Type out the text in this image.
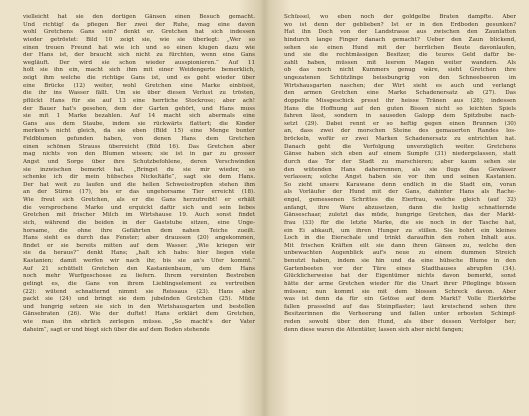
vielleicht hat sie den dortigen Gänsen einen Besuch gemacht.
Und richtig! da pfiegen Ber zwei der Ruhe, mag eine davon
wohl Gretchens Gans sein? denkt er. Gretchen hat sich indessen
wieder getröstet: Bild 10 zeigt sie, wie sie überlegt: „Wer so
einen treuen Freund hat wie ich und so einen klugen dazu wie
der Hans ist, der braucht sich nicht zu fürchten, wenn eine Gans
wegläuft. Der wird sie schon wieder ausspionieren.“ Auf 11
holt sie ihn ein, macht sich ihm mit einer Weidengerte bemerklich,
zeigt ihm welche die richtige Gans ist, und es geht wieder über
eine Brücke (12) weiter, wohl Gretchen eine Marke einbüsst,
die ihr ins Wasser fällt. Um sie über diesen Verlust zu trösten,
pflückt Hans für sie auf 13 eine herrliche Stockrose; aber ach!
der Bauer hat's gesehen, dem der Garten gehört, und Hans muss
sie mit 1 Marke bezahlen. Auf 14 macht sich abermals eine
Gans aus dem Staube, indem sie rückwärts flattert; die Kinder
merken's nicht gleich, da sie eben (Bild 15) eine Menge bunter
Feldblumen gefunden haben, von denen Hans dem Gretchen
einen schönen Strauss überreicht (Bild 16). Das Gretchen aber
mag nichts von den Blumen wissen; sie ist in gar zu grosser
Angst und Sorge über ihre Schutzbefohlene, deren Verschwinden
sie inzwischen bemerkt hat. „Bringst du sie mir wieder, so
schenke ich dir mein hübsches Nickeltäfle“, sagt sie dem Hans.
Der hat weit zu laufen und die hellen Schweisstropfen stehen ihm
an der Stirne (17), bis er das ungehorsame Tier erreicht (18).
Wie freut sich Gretchen, als er die Gans herzutreibt! er erhält
die versprochene Marke und erquickt dafür sich und sein liebes
Gretchen mit frischer Milch im Wirtshause 19. Auch sonst findet
sich, während die beiden in der Gaststube sitzen, eine Unge-
horsame, die ohne ihre Gefährten dem nahen Teiche zueilt.
Hans sieht es durch das Fenster; aber draussen (20) angekommen,
findet er sie bereits mitten auf dem Wasser. „Wie kriegen wir
sie da heraus?“ denkt Hans; „halt ich habs: hier liegen viele
Kastanien; damit werfen wir nach ihr, bis sie an's Ufer kommt.“
Auf 21 schüttelt Gretchen den Kastanienbaum, um dem Hans
noch mehr Wurfgeschosse zu liefern. Ihrem vereinten Bestreben
gelingt es, die Gans von ihrem Lieblingselement zu vertreiben
(22): wütend schnatternd nimmt sie Reissaus (23). Hans aber
packt sie (24) und bringt sie dem jubelnden Gretchen (25). Müde
und hungrig setzen sie sich in den Wirtshausgarten und bestellen
Gänsebraten (26). Wie der duftet! Hans erklärt dem Gretchen,
wie man ihn ehrlich zerlegen müsse. „So macht's der Vater
daheim“, sagt er und biegt sich über die auf dem Boden stehende
Schüssel, wo eben noch der goldgelbe Braten dampfte. Aber
wo ist denn der geblieben? Ist er in den Erdboden gesunken?
Hat ihn Doch von der Landstrasse aus zwischen den Zaunlatten
hindurch lange Finger danach gemacht? Ueber den Zaun blickend,
sehen sie einen Hund mit der herrlichen Beute davonlaufen,
und sie die rechtmässigen Besitzer, die teures Geld dafür be-
zahlt haben, müssen mit leerem Magen weiter wandern. Als
ob das noch nicht Kummers genug wäre, sieht Gretchen ihre
ungezatenen Schützlinge beissbungrig von den Schneebeeren im
Wirtshausgarten naschen; der Wirt sieht es auch und verlangt
den armen Gretchen eine Marke Schadenersatz ab (27). Das
doppelte Missgeschick presst ihr heisse Tränen aus (28); indessen
Hans die Hoffnung auf den guten Bissen nicht so leichten Spiels
fahren lässt, sondern in sauseden Galopp dem Spitzbube nach-
setzt (29). Dabei rennt er so heftig gegen einen Brunnen (30)
an, dass zwei der morschen Steine des gemauerten Randes los-
bröckeln, wofür er zwei Marken Schadenersatz zu entrichten hat.
Danach geht die Verfolgung unverzüglich weiter. Gretchens
Gänse haben sich eben auf einem Sumpfe (31) niedergelassen, statt
durch das Tor der Stadt zu marschieren; aber kaum sehen sie
den wütenden Hans daherrennen, als sie flugs das Gewässer
verlassen; solche Angst haben sie vor ihm und seinen Kastanien.
So zieht unsere Karawane denn endlich in die Stadt ein, voran
als Vorläufer der Hund mit der Gans, dahinter Hans als Rache-
engel, gemessenen Schrittes die Eierfrau, welche gleich (auf 32)
anfangt, ihre Ware abzusetzen, dann die lustig schnatternde
Gänseschaar, zuletzt das müde, hungrige Gretchen, das der Markt-
frau (33) für die letzte Marke, die sie noch in der Tasche hat,
ein Ei abkauft, um ihren Hunger zu stillen. Sie bohrt ein kleines
Loch in die Eierschale und trinkt daraufhin den rohen Inhalt aus.
Mit frischen Kräften eilt sie dann ihren Gänsen zu, welche den
unbewachten Augenblick auf's neue zu einem dummen Streich
benutzt haben, indem sie hin und da eine hübsche Blume in den
Gartenbeeten vor der Türe eines Stadthauses abrupfen (34).
Glücklicherweise hat der Eigentümer nichts davon bemerkt, sonst
hätte der arme Gretchen wieder für die Unart ihrer Pfleglinge büssen
müssen; nun kommt sie mit dem blossen Schreck davon. Aber
was ist denn da für ein Getöse auf dem Markt? Volle Eierkörbe
fallen prasselnd auf das Steinpflaster; laut kreischend sehen ihre
Besitzerinnen die Verheerung und fallen unter erbosten Schimpf-
reden sowohl über den Hund, als über dessen Verfolger her;
denn diese waren die Attentäter, lassen sich aber nicht fangen;
